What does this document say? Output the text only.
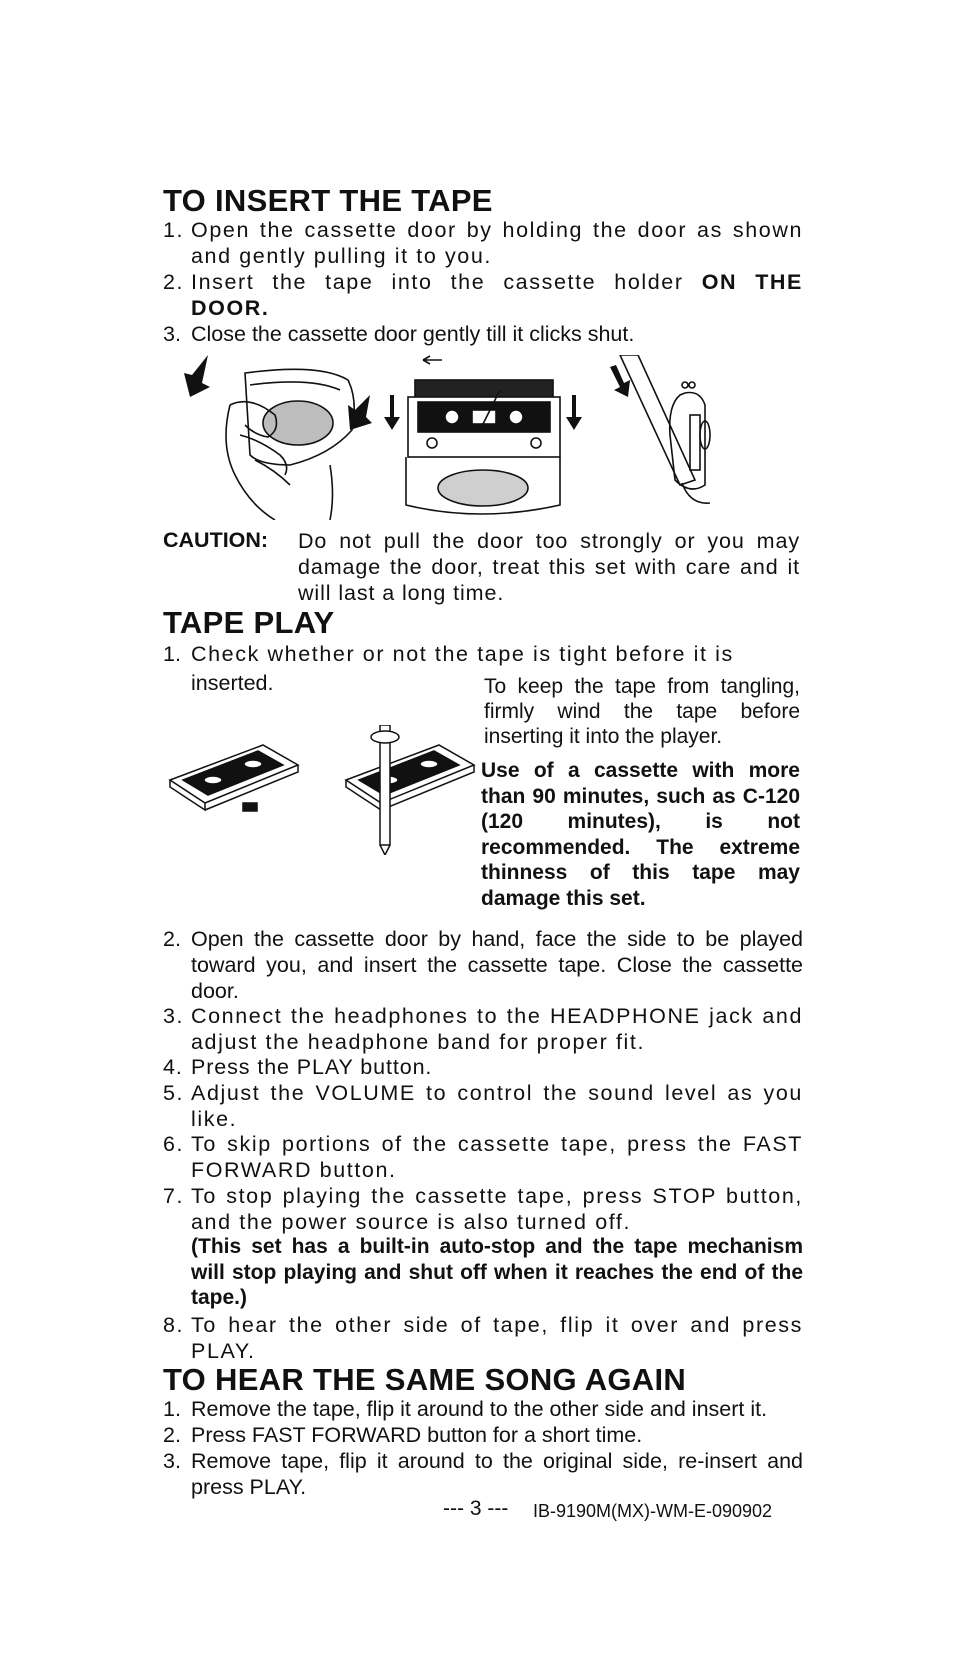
TO INSERT THE TAPE
1. Open the cassette door by holding the door as shown and gently pulling it to you.
2. Insert the tape into the cassette holder ON THE DOOR.
3. Close the cassette door gently till it clicks shut.
CAUTION: Do not pull the door too strongly or you may damage the door, treat this set with care and it will last a long time.
TAPE PLAY
1. Check whether or not the tape is tight before it is
inserted.	To keep the tape from tangling, firmly wind the tape before inserting it into the player.
Use of a cassette with more than 90 minutes, such as C-120 (120 minutes), is not recommended. The extreme thinness of this tape may damage this set.
2. Open the cassette door by hand, face the side to be played toward you, and insert the cassette tape. Close the cassette door.
3. Connect the headphones to the HEADPHONE jack and adjust the headphone band for proper fit.
4. Press the PLAY button.
5. Adjust the VOLUME to control the sound level as you like.
6. To skip portions of the cassette tape, press the FAST FORWARD button.
7. To stop playing the cassette tape, press STOP button, and the power source is also turned off.
(This set has a built-in auto-stop and the tape mechanism will stop playing and shut off when it reaches the end of the tape.)
8. To hear the other side of tape, flip it over and press PLAY.
TO HEAR THE SAME SONG AGAIN
1. Remove the tape, flip it around to the other side and insert it.
2. Press FAST FORWARD button for a short time.
3. Remove tape, flip it around to the original side, re-insert and press PLAY.
--- 3 --- IB-9190M(MX)-WM-E-090902
